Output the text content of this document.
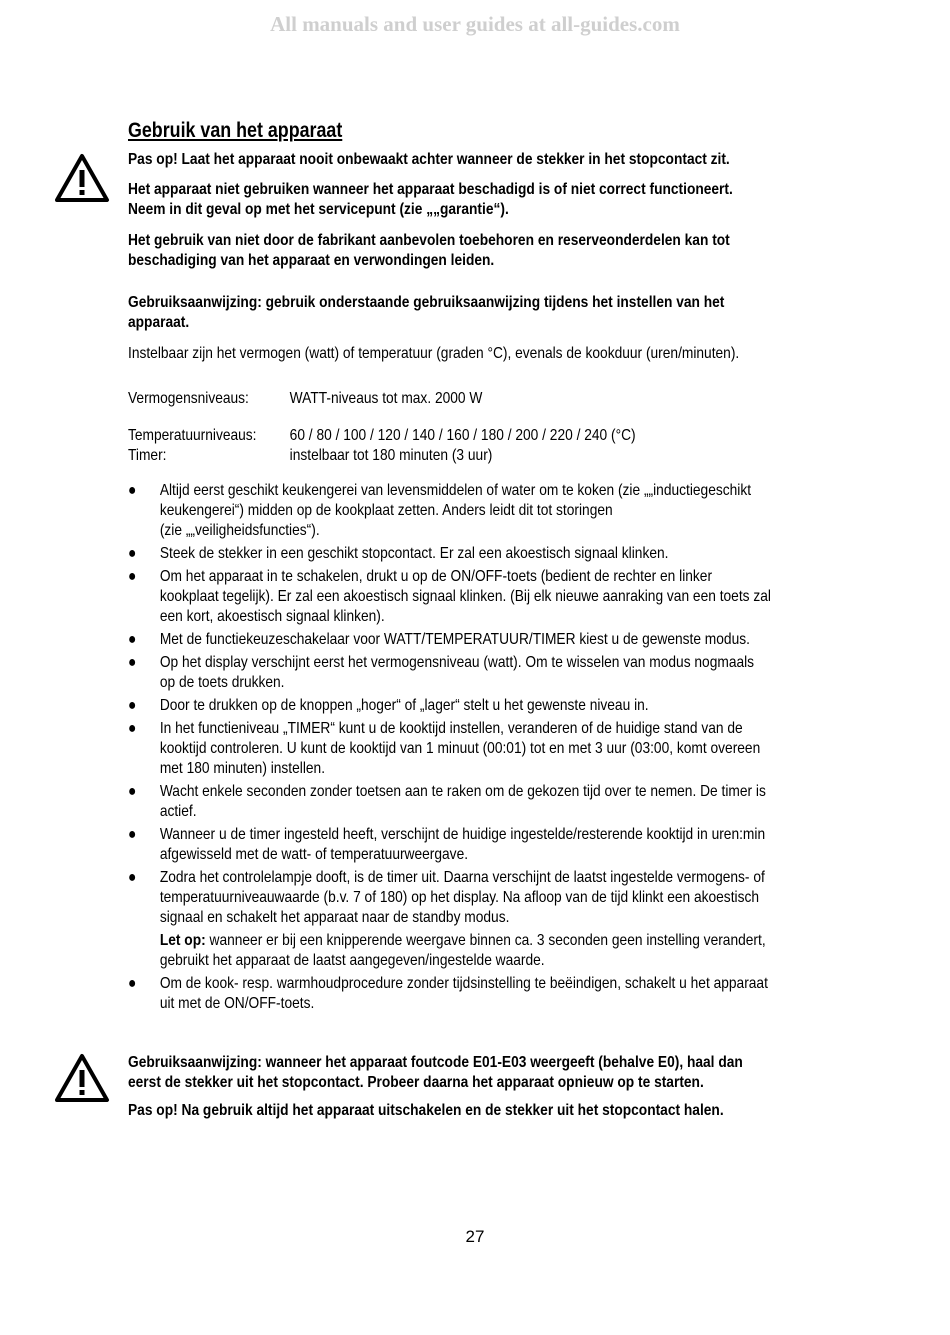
All manuals and user guides at all-guides.com
Gebruik van het apparaat

Pas op! Laat het apparaat nooit onbewaakt achter wanneer de stekker in het stopcontact zit.

Het apparaat niet gebruiken wanneer het apparaat beschadigd is of niet correct functioneert.

Neem in dit geval op met het servicepunt (zie „„garantie“).

Het gebruik van niet door de fabrikant aanbevolen toebehoren en reserveonderdelen kan tot

beschadiging van het apparaat en verwondingen leiden.

Gebruiksaanwijzing: gebruik onderstaande gebruiksaanwijzing tijdens het instellen van het

apparaat.

Instelbaar zijn het vermogen (watt) of temperatuur (graden °C), evenals de kookduur (uren/minuten).

Vermogensniveaus:	WATT-niveaus tot max. 2000 W
Temperatuurniveaus:	60 / 80 / 100 / 120 / 140 / 160 / 180 / 200 / 220 / 240 (°C)
Timer:	instelbaar tot 180 minuten (3 uur)
●	Altijd eerst geschikt keukengerei van levensmiddelen of water om te koken (zie „„inductiegeschikt
keukengerei“) midden op de kookplaat zetten. Anders leidt dit tot storingen
(zie „„veiligheidsfuncties“).
●	Steek de stekker in een geschikt stopcontact. Er zal een akoestisch signaal klinken.
●	Om het apparaat in te schakelen, drukt u op de ON/OFF-toets (bedient de rechter en linker
kookplaat tegelijk). Er zal een akoestisch signaal klinken. (Bij elk nieuwe aanraking van een toets zal
een kort, akoestisch signaal klinken).
●	Met de functiekeuzeschakelaar voor WATT/TEMPERATUUR/TIMER kiest u de gewenste modus.
●	Op het display verschijnt eerst het vermogensniveau (watt). Om te wisselen van modus nogmaals
op de toets drukken.
●	Door te drukken op de knoppen „hoger“ of „lager“ stelt u het gewenste niveau in.
●	In het functieniveau „TIMER“ kunt u de kooktijd instellen, veranderen of de huidige stand van de
kooktijd controleren. U kunt de kooktijd van 1 minuut (00:01) tot en met 3 uur (03:00, komt overeen
met 180 minuten) instellen.
●	Wacht enkele seconden zonder toetsen aan te raken om de gekozen tijd over te nemen. De timer is
actief.
●	Wanneer u de timer ingesteld heeft, verschijnt de huidige ingestelde/resterende kooktijd in uren:min
afgewisseld met de watt- of temperatuurweergave.
●	Zodra het controlelampje dooft, is de timer uit. Daarna verschijnt de laatst ingestelde vermogens- of
temperatuurniveauwaarde (b.v. 7 of 180) op het display. Na afloop van de tijd klinkt een akoestisch
signaal en schakelt het apparaat naar de standby modus.
Let op: wanneer er bij een knipperende weergave binnen ca. 3 seconden geen instelling verandert,
gebruikt het apparaat de laatst aangegeven/ingestelde waarde.
●	Om de kook- resp. warmhoudprocedure zonder tijdsinstelling te beëindigen, schakelt u het apparaat
uit met de ON/OFF-toets.

Gebruiksaanwijzing: wanneer het apparaat foutcode E01-E03 weergeeft (behalve E0), haal dan

eerst de stekker uit het stopcontact. Probeer daarna het apparaat opnieuw op te starten.

Pas op! Na gebruik altijd het apparaat uitschakelen en de stekker uit het stopcontact halen.

27
